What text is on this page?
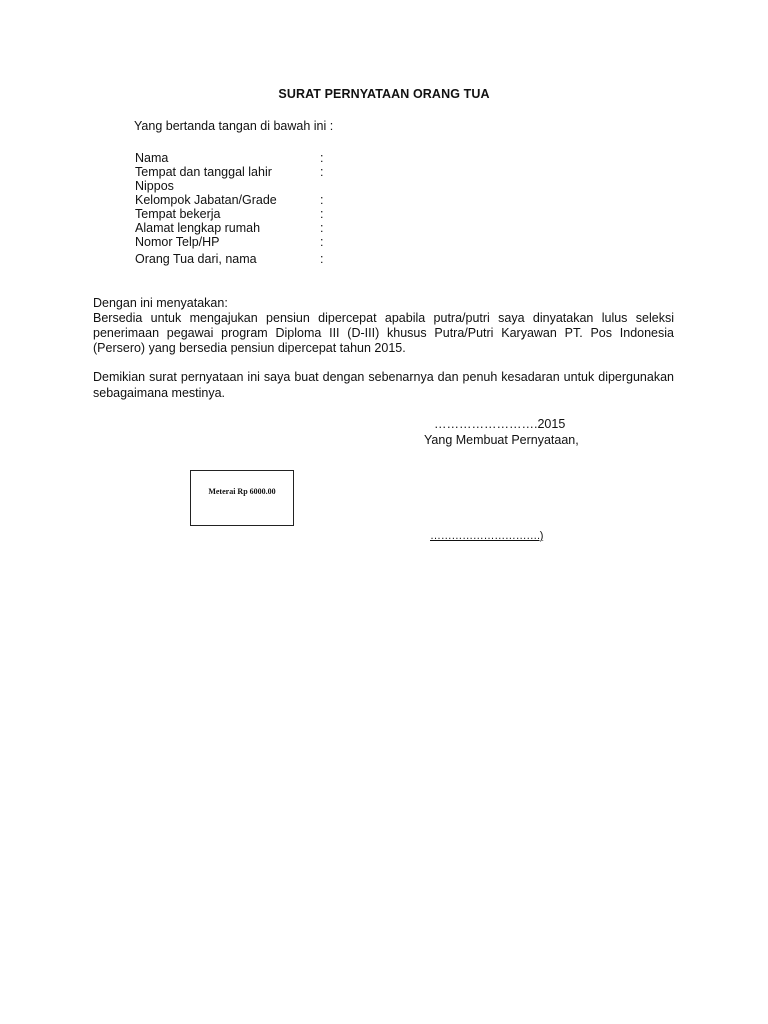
SURAT PERNYATAAN ORANG TUA
Yang bertanda tangan di bawah ini :
Nama	:
Tempat dan tanggal lahir	:
Nippos
Kelompok Jabatan/Grade	:
Tempat bekerja	:
Alamat lengkap rumah	:
Nomor Telp/HP	:
Orang Tua dari, nama	:
Dengan ini menyatakan:
Bersedia untuk mengajukan pensiun dipercepat apabila putra/putri saya dinyatakan lulus seleksi penerimaan pegawai program Diploma III (D-III) khusus Putra/Putri Karyawan PT. Pos Indonesia (Persero) yang bersedia pensiun dipercepat tahun 2015.
Demikian surat pernyataan ini saya buat dengan sebenarnya dan penuh kesadaran untuk dipergunakan sebagaimana mestinya.
…………………….2015
Yang Membuat Pernyataan,
Meterai Rp 6000.00
………………………….)
